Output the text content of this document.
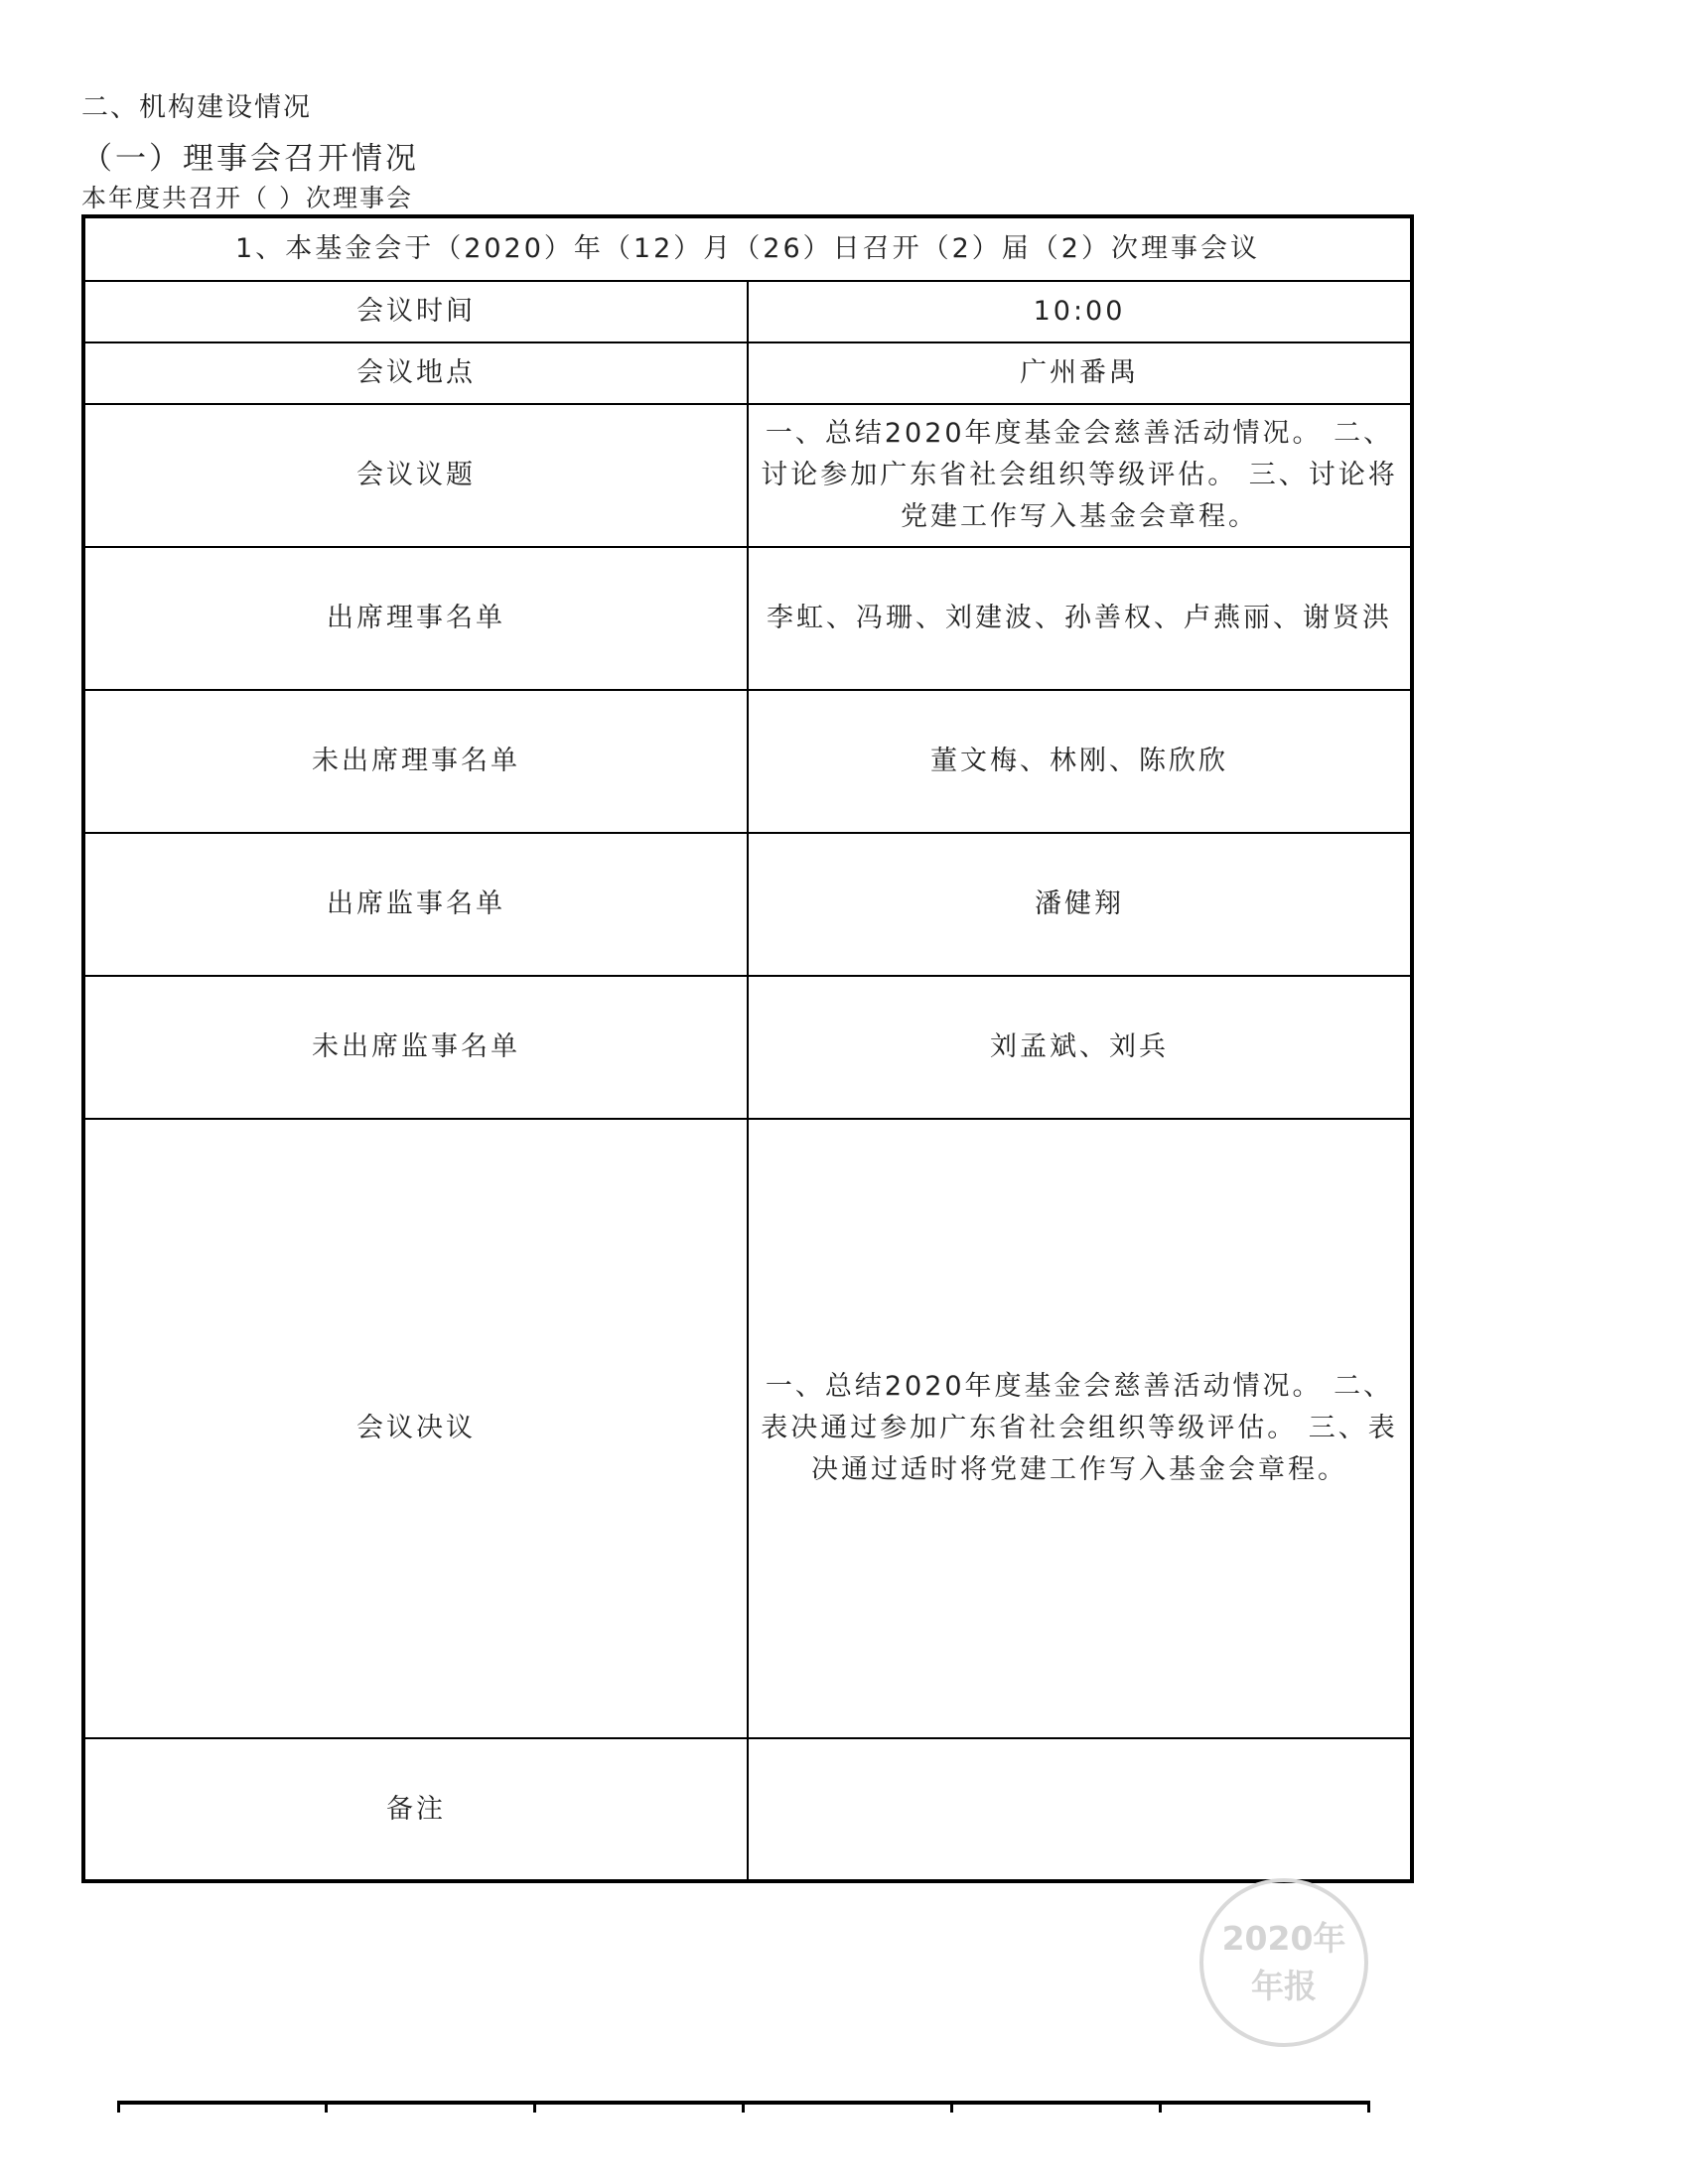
二、机构建设情况
（一）理事会召开情况
本年度共召开（ ）次理事会
1、本基金会于（2020）年（12）月（26）日召开（2）届（2）次理事会议	
会议时间	10:00
会议地点	广州番禺
会议议题	一、总结2020年度基金会慈善活动情况。 二、讨论参加广东省社会组织等级评估。 三、讨论将党建工作写入基金会章程。
出席理事名单	李虹、冯珊、刘建波、孙善权、卢燕丽、谢贤洪
未出席理事名单	董文梅、林刚、陈欣欣
出席监事名单	潘健翔
未出席监事名单	刘孟斌、刘兵
会议决议	一、总结2020年度基金会慈善活动情况。 二、表决通过参加广东省社会组织等级评估。 三、表决通过适时将党建工作写入基金会章程。
备注	
2020年
年报
